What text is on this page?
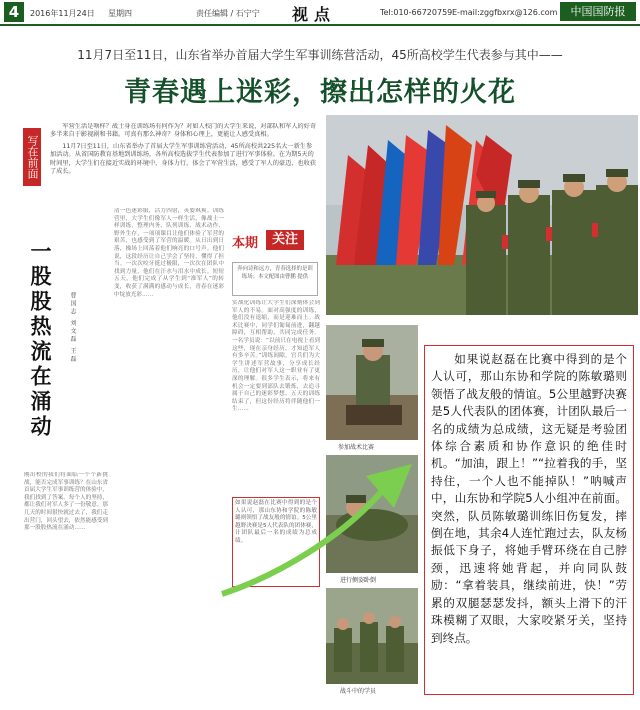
4	2016年11月24日 星期四	责任编辑 / 石宁宁 视点	Tel:010-66720759 E-mail:zggfbxrx@126.com	中国国防报
11月7日至11日，山东省举办首届大学生军事训练营活动，45所高校学生代表参与其中——
青春遇上迷彩，擦出怎样的火花
写在前面

军营生活是啥样？战士身在训练场有何作为？对如人校门的大学生来说，对部队和军人的好奇多半来自于影视剧和书籍。可真有那么神奇？身体和心理上，更能让人感受真相。

11月7日至11日，山东省举办了首届大学生军事训练营活动，45所高校共225名大一新生参加活动。从省国防教育基地到训练场，各所高校选拔学生代表参加了进行军事体验。在为期5天的时间里，大学生们在接近实战的环境中，身体力行，体会了军营生活，感受了军人的豪迈，也收获了成长。

一股股热流在涌动	曹国志 刘文磊 王磊
刚出校的我们将面临一个个新挑战，能否完成军事训练？在山东省首届大学生军事训练营的体验中，我们找到了答案。每个人的坚持，都让我们对军人多了一份敬意。那几天的时间很快就过去了，我们走出营门，回头望去，依然能感受到那一股股热流在涌动……
清一色迷彩服，活力四射，英姿飒爽。训练营里，大学生们像军人一样生活，像战士一样训练，整理内务、队列训练、战术动作、野外生存，一项项课目让他们体验了军营的艰苦，也感受到了军营的温暖。从日出到日落，操场上回荡着他们响亮的口号声。他们说，这段经历让自己学会了坚持，懂得了担当。一次次咬牙挺过极限，一次次在团队中找到力量，他们在汗水与泪水中成长。短短五天，他们完成了从学生到“准军人”的转变，收获了满满的感动与成长，青春在迷彩中绽放光彩……
实战化训练让大学生们深刻体会到军人的不易。面对高强度的训练，他们没有退缩，而是迎难而上。战术比赛中，同学们匍匐前进，翻越障碍，互相帮助，共同完成任务。一名学员说：“以前只在电视上看到这些，现在亲身经历，才知道军人有多辛苦。”训练间隙，官兵们为大学生讲述军营故事，分享成长经历，让他们对军人这一职业有了更深的理解。很多学生表示，将来有机会一定要到部队去锻炼，去追寻属于自己的迷彩梦想。五天的训练结束了，但这份经历将伴随他们一生……
本期	关注
奔向诗和远方，青春选择的是训练场；本文配图由曹鹏 提供
如果说赵磊在比赛中得到的是个人认可，那山东协和学院的陈敏璐则领悟了战友般的情谊。5公里越野决赛是5人代表队的团体赛，计团队最后一名的成绩为总成绩。
参加战术比赛
进行侧姿卧倒
战斗中的学员
如果说赵磊在比赛中得到的是个人认可，那山东协和学院的陈敏璐则领悟了战友般的情谊。5公里越野决赛是5人代表队的团体赛，计团队最后一名的成绩为总成绩，这无疑是考验团体综合素质和协作意识的绝佳时机。“加油，跟上！”“拉着我的手，坚持住，一个人也不能掉队！”呐喊声中，山东协和学院5人小组冲在前面。突然，队员陈敏璐训练旧伤复发，摔倒在地，其余4人连忙跑过去，队友杨振低下身子，将她手臂环绕在自己脖颈，迅速将她背起，并向同队鼓励：“拿着装具，继续前进，快！”劳累的双腿瑟瑟发抖，额头上滑下的汗珠模糊了双眼，大家咬紧牙关，坚持到终点。
